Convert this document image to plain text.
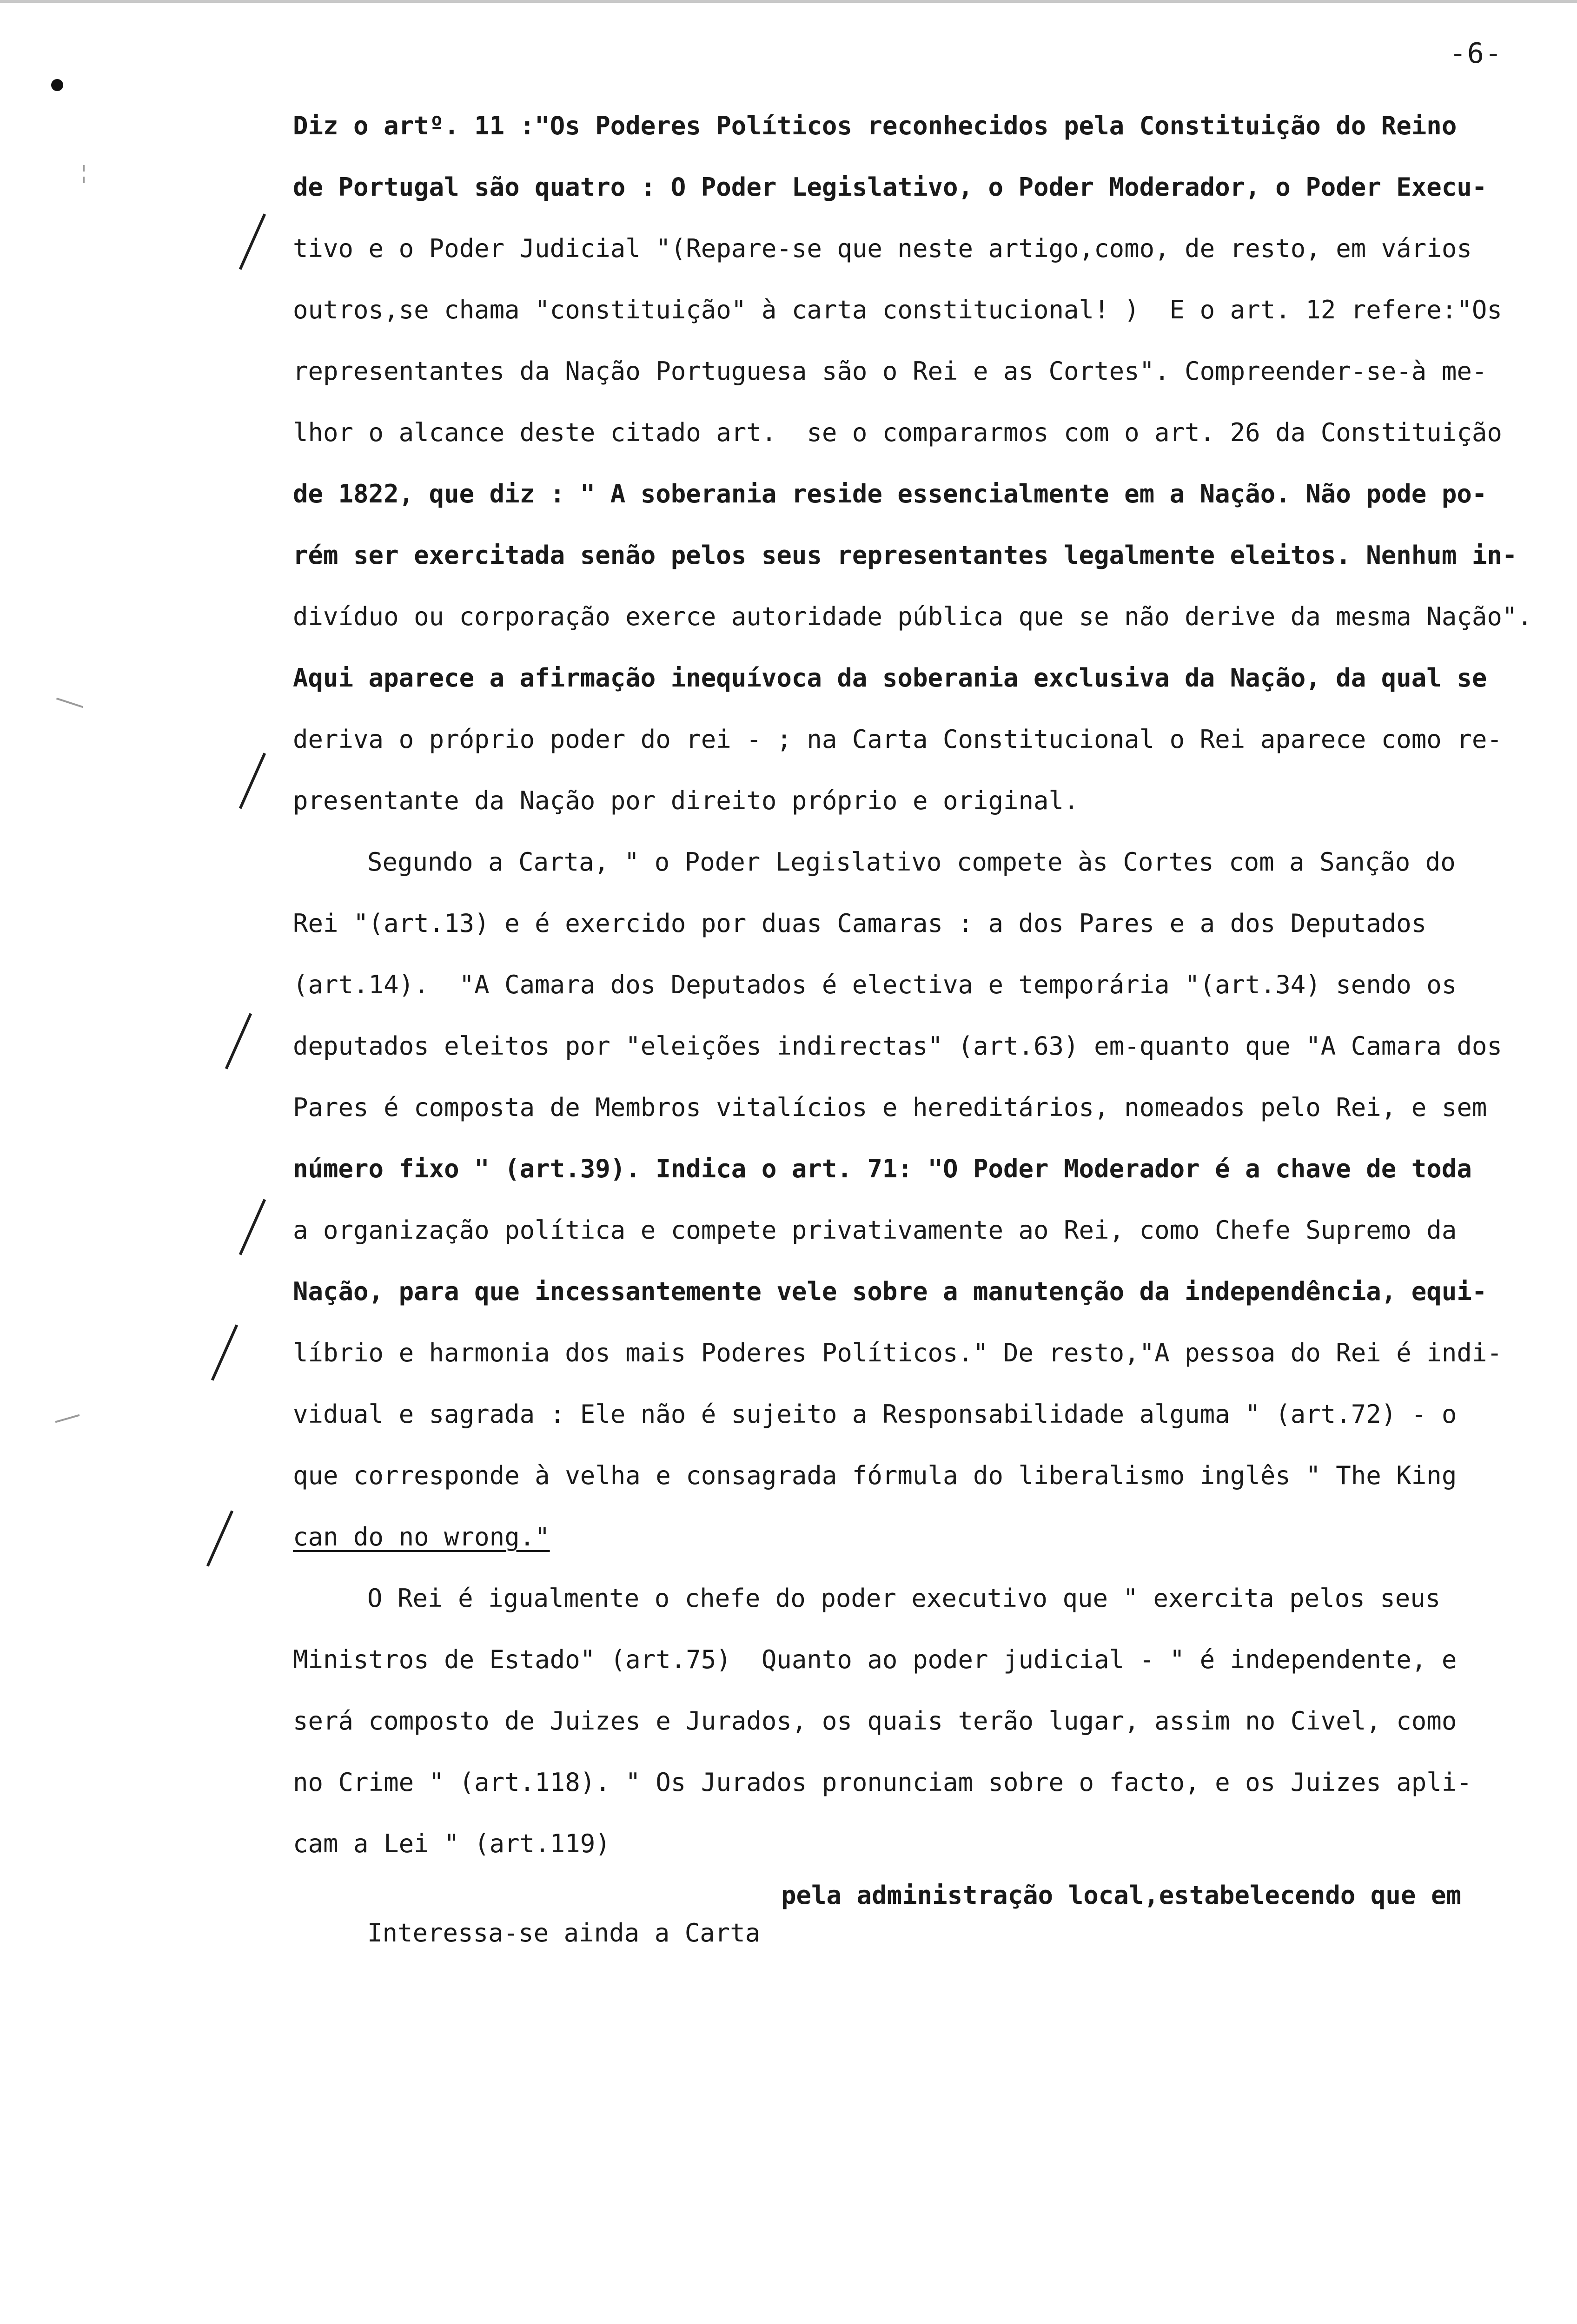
-6-
Diz o artº. 11 :"Os Poderes Políticos reconhecidos pela Constituição do Reino
de Portugal são quatro : O Poder Legislativo, o Poder Moderador, o Poder Execu-
tivo e o Poder Judicial "(Repare-se que neste artigo,como, de resto, em vários
outros,se chama "constituição" à carta constitucional! )  E o art. 12 refere:"Os
representantes da Nação Portuguesa são o Rei e as Cortes". Compreender-se-à me-
lhor o alcance deste citado art.  se o compararmos com o art. 26 da Constituição
de 1822, que diz : " A soberania reside essencialmente em a Nação. Não pode po-
rém ser exercitada senão pelos seus representantes legalmente eleitos. Nenhum in-
divíduo ou corporação exerce autoridade pública que se não derive da mesma Nação".
Aqui aparece a afirmação inequívoca da soberania exclusiva da Nação, da qual se
deriva o próprio poder do rei - ; na Carta Constitucional o Rei aparece como re-
presentante da Nação por direito próprio e original.
Segundo a Carta, " o Poder Legislativo compete às Cortes com a Sanção do
Rei "(art.13) e é exercido por duas Camaras : a dos Pares e a dos Deputados
(art.14).  "A Camara dos Deputados é electiva e temporária "(art.34) sendo os
deputados eleitos por "eleições indirectas" (art.63) em-quanto que "A Camara dos
Pares é composta de Membros vitalícios e hereditários, nomeados pelo Rei, e sem
número fixo " (art.39). Indica o art. 71: "O Poder Moderador é a chave de toda
a organização política e compete privativamente ao Rei, como Chefe Supremo da
Nação, para que incessantemente vele sobre a manutenção da independência, equi-
líbrio e harmonia dos mais Poderes Políticos." De resto,"A pessoa do Rei é indi-
vidual e sagrada : Ele não é sujeito a Responsabilidade alguma " (art.72) - o
que corresponde à velha e consagrada fórmula do liberalismo inglês " The King
can do no wrong."
O Rei é igualmente o chefe do poder executivo que " exercita pelos seus
Ministros de Estado" (art.75)  Quanto ao poder judicial - " é independente, e
será composto de Juizes e Jurados, os quais terão lugar, assim no Civel, como
no Crime " (art.118). " Os Jurados pronunciam sobre o facto, e os Juizes apli-
cam a Lei " (art.119)
pela administração local,estabelecendo que em
Interessa-se ainda a Carta
